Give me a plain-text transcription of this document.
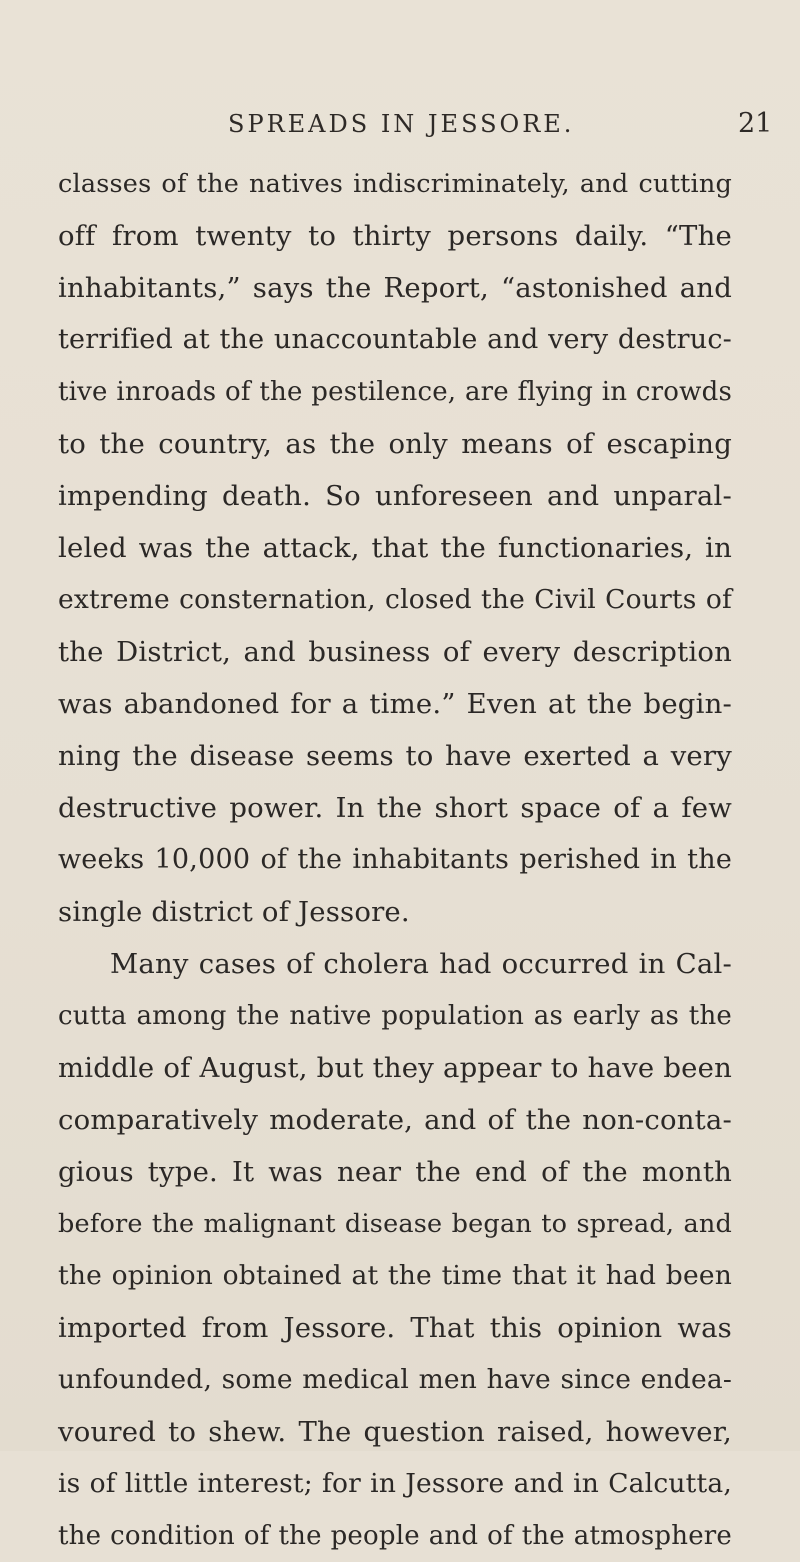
SPREADS IN JESSORE.	21
classes of the natives indiscriminately, and cutting
off from twenty to thirty persons daily. “The
inhabitants,” says the Report, “astonished and
terrified at the unaccountable and very destruc-
tive inroads of the pestilence, are flying in crowds
to the country, as the only means of escaping
impending death. So unforeseen and unparal-
leled was the attack, that the functionaries, in
extreme consternation, closed the Civil Courts of
the District, and business of every description
was abandoned for a time.” Even at the begin-
ning the disease seems to have exerted a very
destructive power. In the short space of a few
weeks 10,000 of the inhabitants perished in the
single district of Jessore.
Many cases of cholera had occurred in Cal-
cutta among the native population as early as the
middle of August, but they appear to have been
comparatively moderate, and of the non-conta-
gious type. It was near the end of the month
before the malignant disease began to spread, and
the opinion obtained at the time that it had been
imported from Jessore. That this opinion was
unfounded, some medical men have since endea-
voured to shew. The question raised, however,
is of little interest; for in Jessore and in Calcutta,
the condition of the people and of the atmosphere
